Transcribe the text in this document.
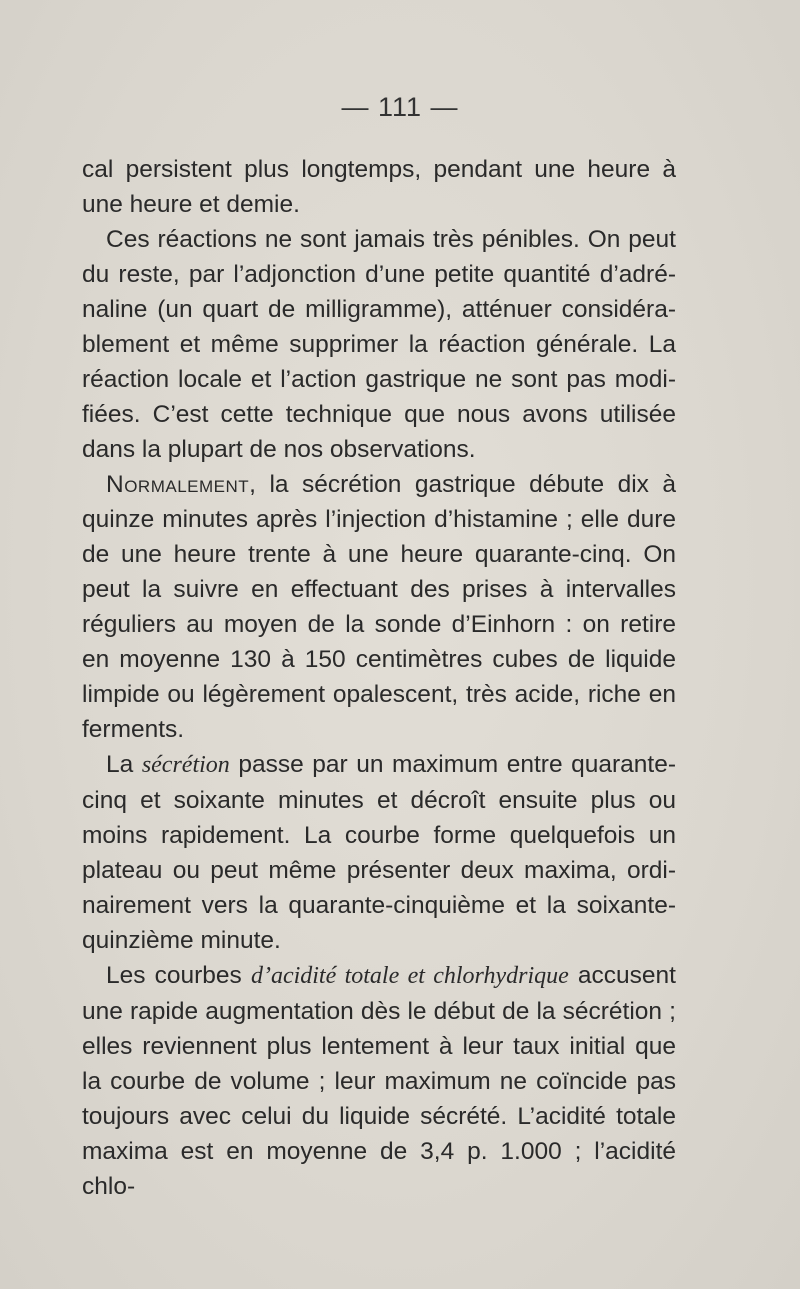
— 111 —

cal persistent plus longtemps, pendant une heure à une heure et demie.

Ces réactions ne sont jamais très pénibles. On peut du reste, par l’adjonction d’une petite quantité d’adrénaline (un quart de milligramme), atténuer considérablement et même supprimer la réaction générale. La réaction locale et l’action gastrique ne sont pas modifiées. C’est cette technique que nous avons utilisée dans la plupart de nos observations.

Normalement, la sécrétion gastrique débute dix à quinze minutes après l’injection d’histamine ; elle dure de une heure trente à une heure quarante-cinq. On peut la suivre en effectuant des prises à intervalles réguliers au moyen de la sonde d’Einhorn : on retire en moyenne 130 à 150 centimètres cubes de liquide limpide ou légèrement opalescent, très acide, riche en ferments.

La sécrétion passe par un maximum entre quarante-cinq et soixante minutes et décroît ensuite plus ou moins rapidement. La courbe forme quelquefois un plateau ou peut même présenter deux maxima, ordinairement vers la quarante-cinquième et la soixante-quinzième minute.

Les courbes d’acidité totale et chlorhydrique accusent une rapide augmentation dès le début de la sécrétion ; elles reviennent plus lentement à leur taux initial que la courbe de volume ; leur maximum ne coïncide pas toujours avec celui du liquide sécrété. L’acidité totale maxima est en moyenne de 3,4 p. 1.000 ; l’acidité chlo-
